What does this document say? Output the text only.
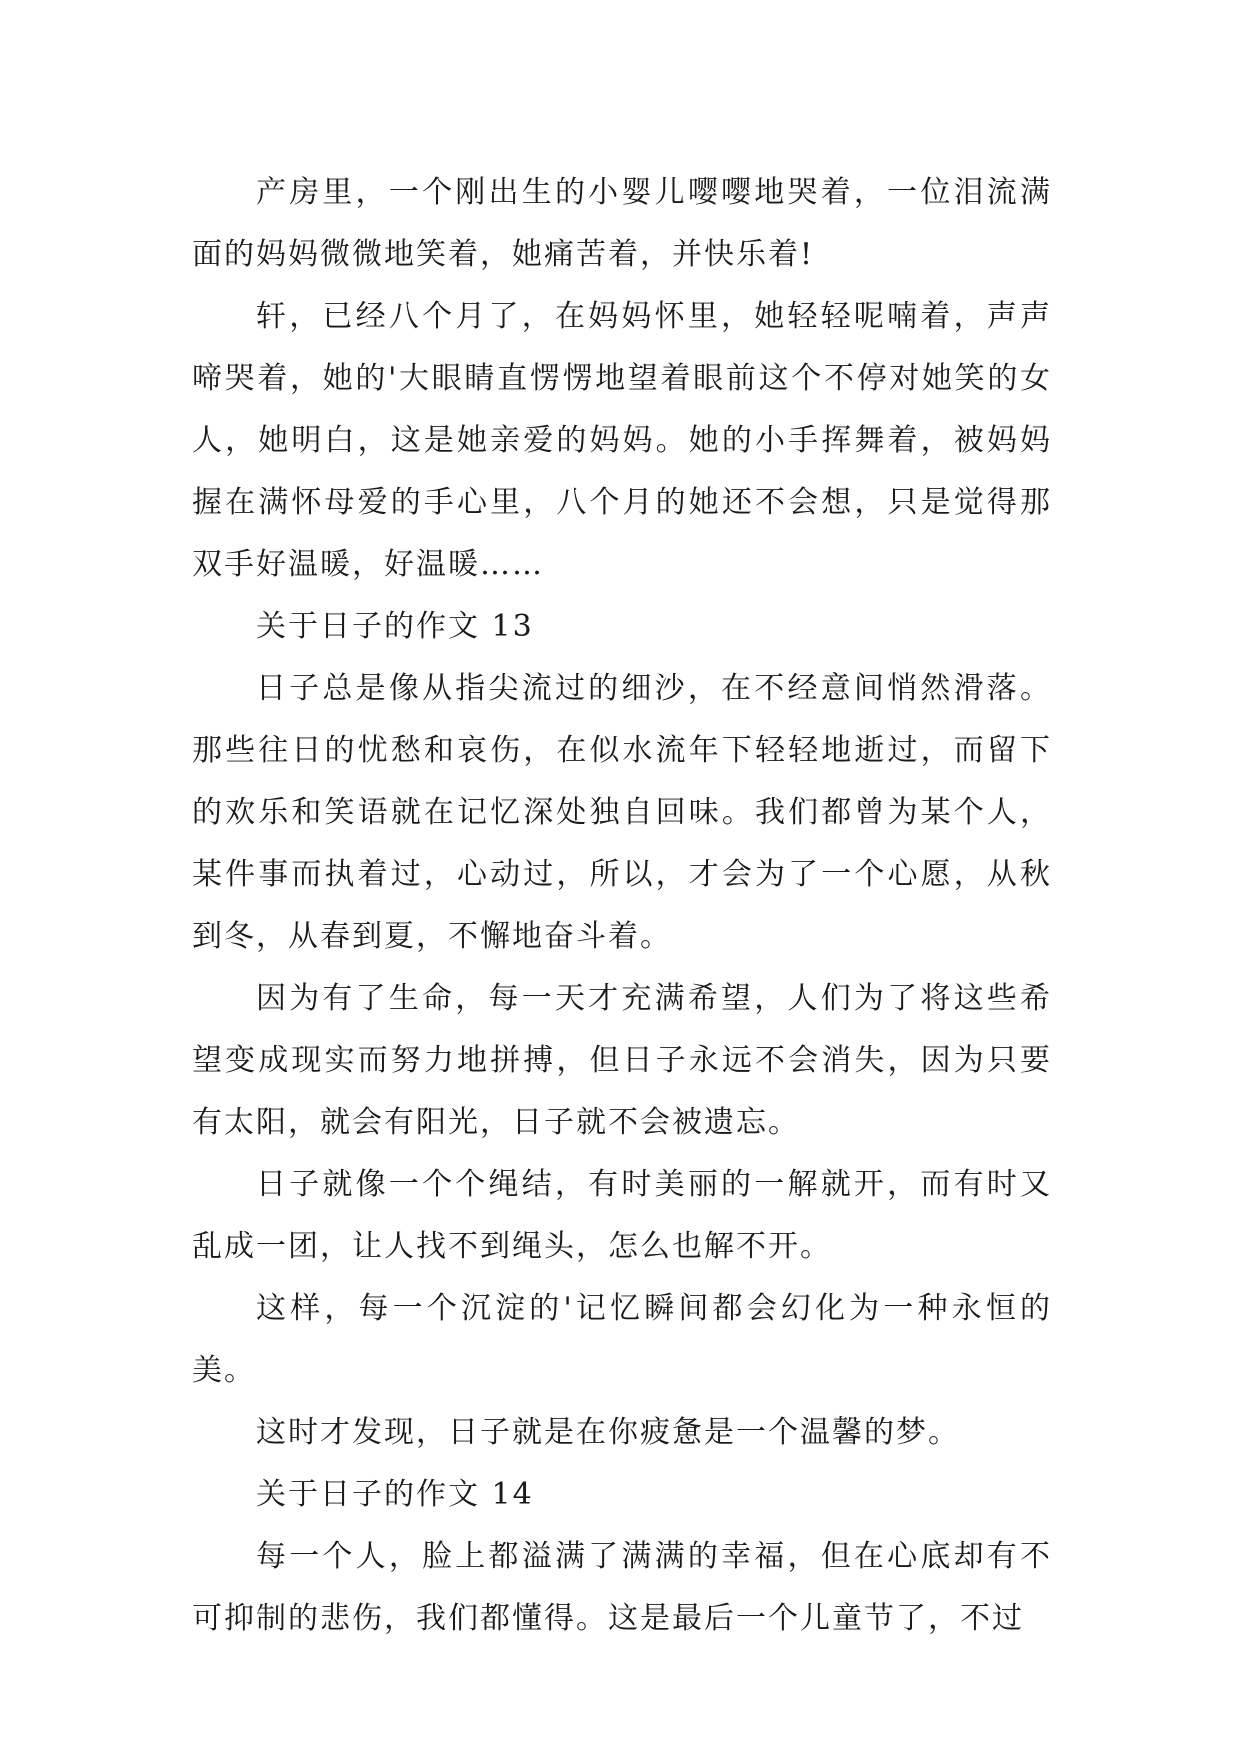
产房里，一个刚出生的小婴儿嘤嘤地哭着，一位泪流满面的妈妈微微地笑着，她痛苦着，并快乐着!

轩，已经八个月了，在妈妈怀里，她轻轻呢喃着，声声啼哭着，她的'大眼睛直愣愣地望着眼前这个不停对她笑的女人，她明白，这是她亲爱的妈妈。她的小手挥舞着，被妈妈握在满怀母爱的手心里，八个月的她还不会想，只是觉得那双手好温暖，好温暖……

关于日子的作文 13

日子总是像从指尖流过的细沙，在不经意间悄然滑落。那些往日的忧愁和哀伤，在似水流年下轻轻地逝过，而留下的欢乐和笑语就在记忆深处独自回味。我们都曾为某个人，某件事而执着过，心动过，所以，才会为了一个心愿，从秋到冬，从春到夏，不懈地奋斗着。

因为有了生命，每一天才充满希望，人们为了将这些希望变成现实而努力地拼搏，但日子永远不会消失，因为只要有太阳，就会有阳光，日子就不会被遗忘。

日子就像一个个绳结，有时美丽的一解就开，而有时又乱成一团，让人找不到绳头，怎么也解不开。

这样，每一个沉淀的'记忆瞬间都会幻化为一种永恒的美。

这时才发现，日子就是在你疲惫是一个温馨的梦。

关于日子的作文 14

每一个人，脸上都溢满了满满的幸福，但在心底却有不可抑制的悲伤，我们都懂得。这是最后一个儿童节了，不过
